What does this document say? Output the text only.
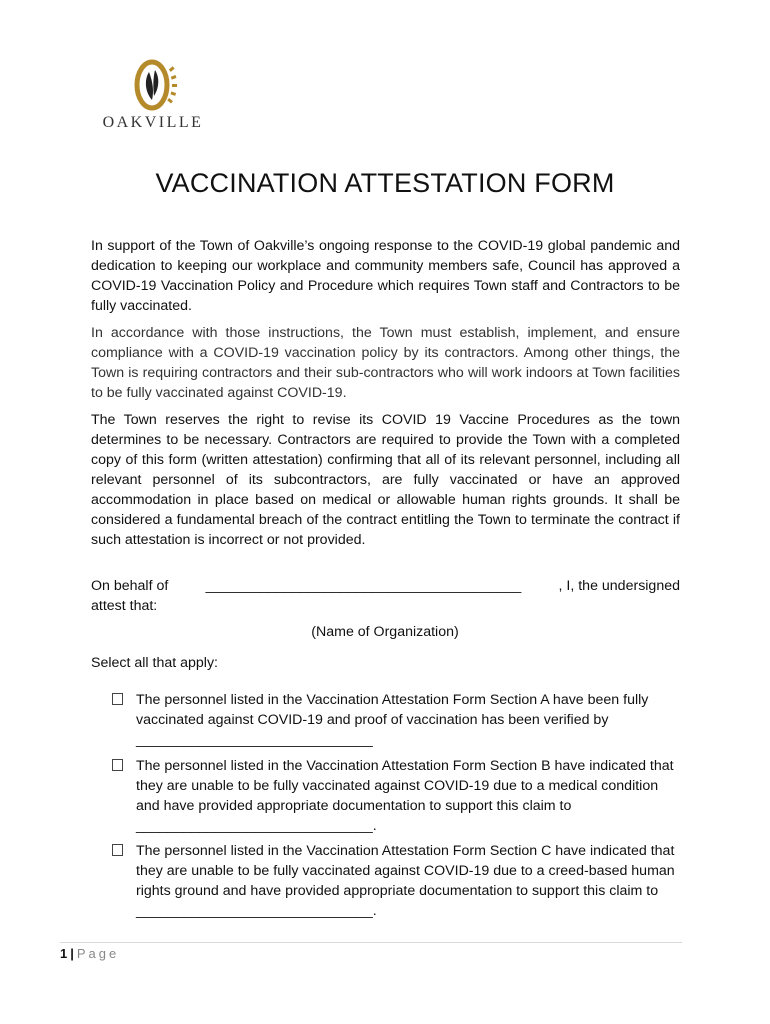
OAKVILLE
VACCINATION ATTESTATION FORM

In support of the Town of Oakville’s ongoing response to the COVID-19 global pandemic and dedication to keeping our workplace and community members safe, Council has approved a COVID-19 Vaccination Policy and Procedure which requires Town staff and Contractors to be fully vaccinated.

In accordance with those instructions, the Town must establish, implement, and ensure compliance with a COVID-19 vaccination policy by its contractors. Among other things, the Town is requiring contractors and their sub-contractors who will work indoors at Town facilities to be fully vaccinated against COVID-19.

The Town reserves the right to revise its COVID 19 Vaccine Procedures as the town determines to be necessary. Contractors are required to provide the Town with a completed copy of this form (written attestation) confirming that all of its relevant personnel, including all relevant personnel of its subcontractors, are fully vaccinated or have an approved accommodation in place based on medical or allowable human rights grounds. It shall be considered a fundamental breach of the contract entitling the Town to terminate the contract if such attestation is incorrect or not provided.

On behalf of	________________________________________	, I, the undersigned
attest that:
(Name of Organization)
Select all that apply:
The personnel listed in the Vaccination Attestation Form Section A have been fully vaccinated against COVID-19 and proof of vaccination has been verified by
______________________________
The personnel listed in the Vaccination Attestation Form Section B have indicated that they are unable to be fully vaccinated against COVID-19 due to a medical condition and have provided appropriate documentation to support this claim to ______________________________.
The personnel listed in the Vaccination Attestation Form Section C have indicated that they are unable to be fully vaccinated against COVID-19 due to a creed-based human rights ground and have provided appropriate documentation to support this claim to ______________________________.
1 | Page
